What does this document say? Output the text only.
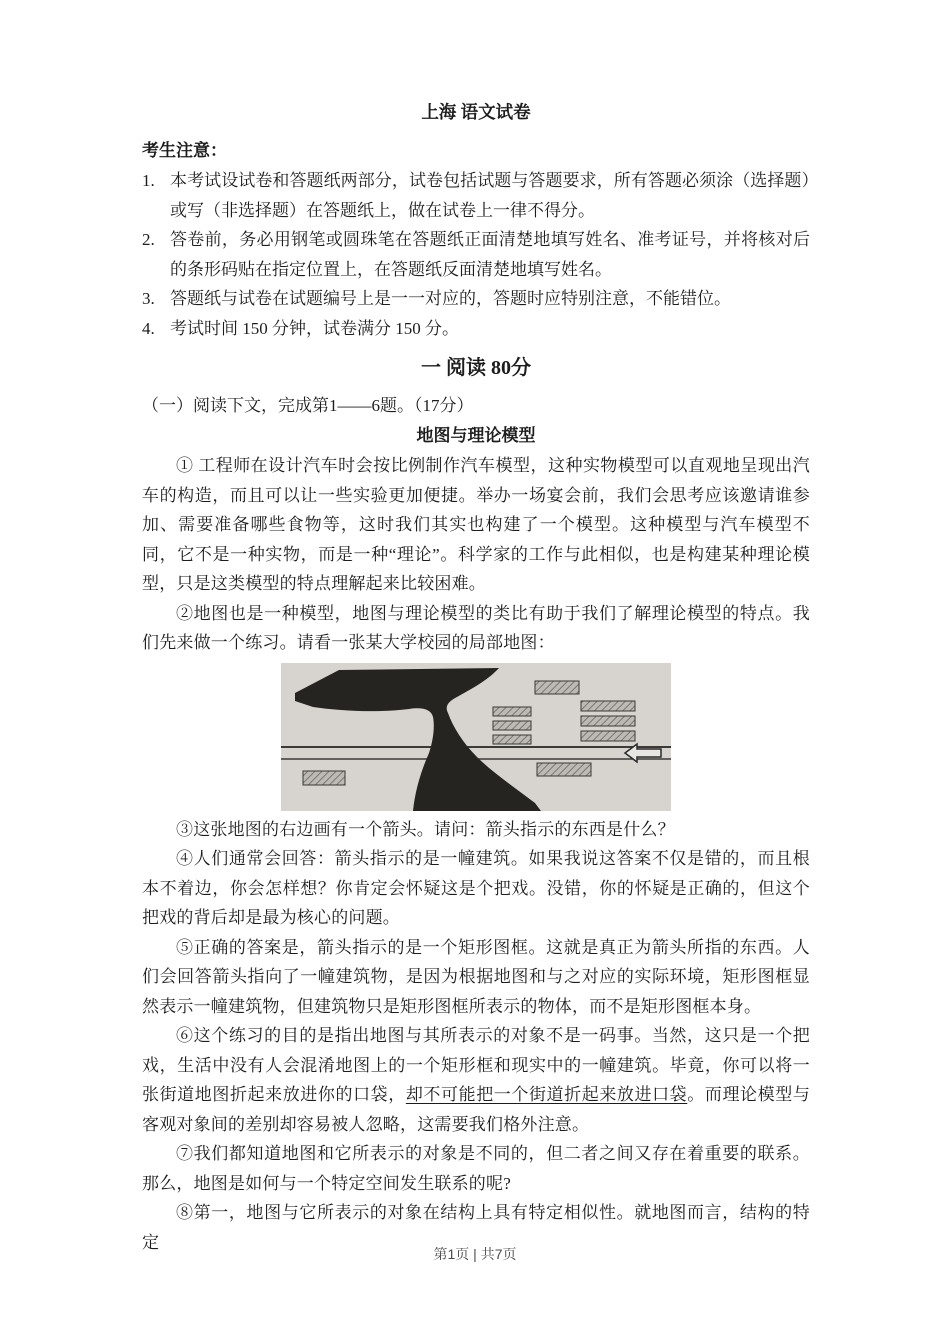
上海 语文试卷
考生注意：
1. 本考试设试卷和答题纸两部分，试卷包括试题与答题要求，所有答题必须涂（选择题）或写（非选择题）在答题纸上，做在试卷上一律不得分。
2. 答卷前，务必用钢笔或圆珠笔在答题纸正面清楚地填写姓名、准考证号，并将核对后的条形码贴在指定位置上，在答题纸反面清楚地填写姓名。
3. 答题纸与试卷在试题编号上是一一对应的，答题时应特别注意，不能错位。
4. 考试时间 150 分钟，试卷满分 150 分。
一 阅读 80分

（一）阅读下文，完成第1——6题。（17分）

地图与理论模型

① 工程师在设计汽车时会按比例制作汽车模型，这种实物模型可以直观地呈现出汽车的构造，而且可以让一些实验更加便捷。举办一场宴会前，我们会思考应该邀请谁参加、需要准备哪些食物等，这时我们其实也构建了一个模型。这种模型与汽车模型不同，它不是一种实物，而是一种“理论”。科学家的工作与此相似，也是构建某种理论模型，只是这类模型的特点理解起来比较困难。

②地图也是一种模型，地图与理论模型的类比有助于我们了解理论模型的特点。我们先来做一个练习。请看一张某大学校园的局部地图：

③这张地图的右边画有一个箭头。请问：箭头指示的东西是什么？

④人们通常会回答：箭头指示的是一幢建筑。如果我说这答案不仅是错的，而且根本不着边，你会怎样想？你肯定会怀疑这是个把戏。没错，你的怀疑是正确的，但这个把戏的背后却是最为核心的问题。

⑤正确的答案是，箭头指示的是一个矩形图框。这就是真正为箭头所指的东西。人们会回答箭头指向了一幢建筑物，是因为根据地图和与之对应的实际环境，矩形图框显然表示一幢建筑物，但建筑物只是矩形图框所表示的物体，而不是矩形图框本身。

⑥这个练习的目的是指出地图与其所表示的对象不是一码事。当然，这只是一个把戏，生活中没有人会混淆地图上的一个矩形框和现实中的一幢建筑。毕竟，你可以将一张街道地图折起来放进你的口袋，却不可能把一个街道折起来放进口袋。而理论模型与客观对象间的差别却容易被人忽略，这需要我们格外注意。

⑦我们都知道地图和它所表示的对象是不同的，但二者之间又存在着重要的联系。那么，地图是如何与一个特定空间发生联系的呢?

⑧第一，地图与它所表示的对象在结构上具有特定相似性。就地图而言，结构的特定

第1页 | 共7页
